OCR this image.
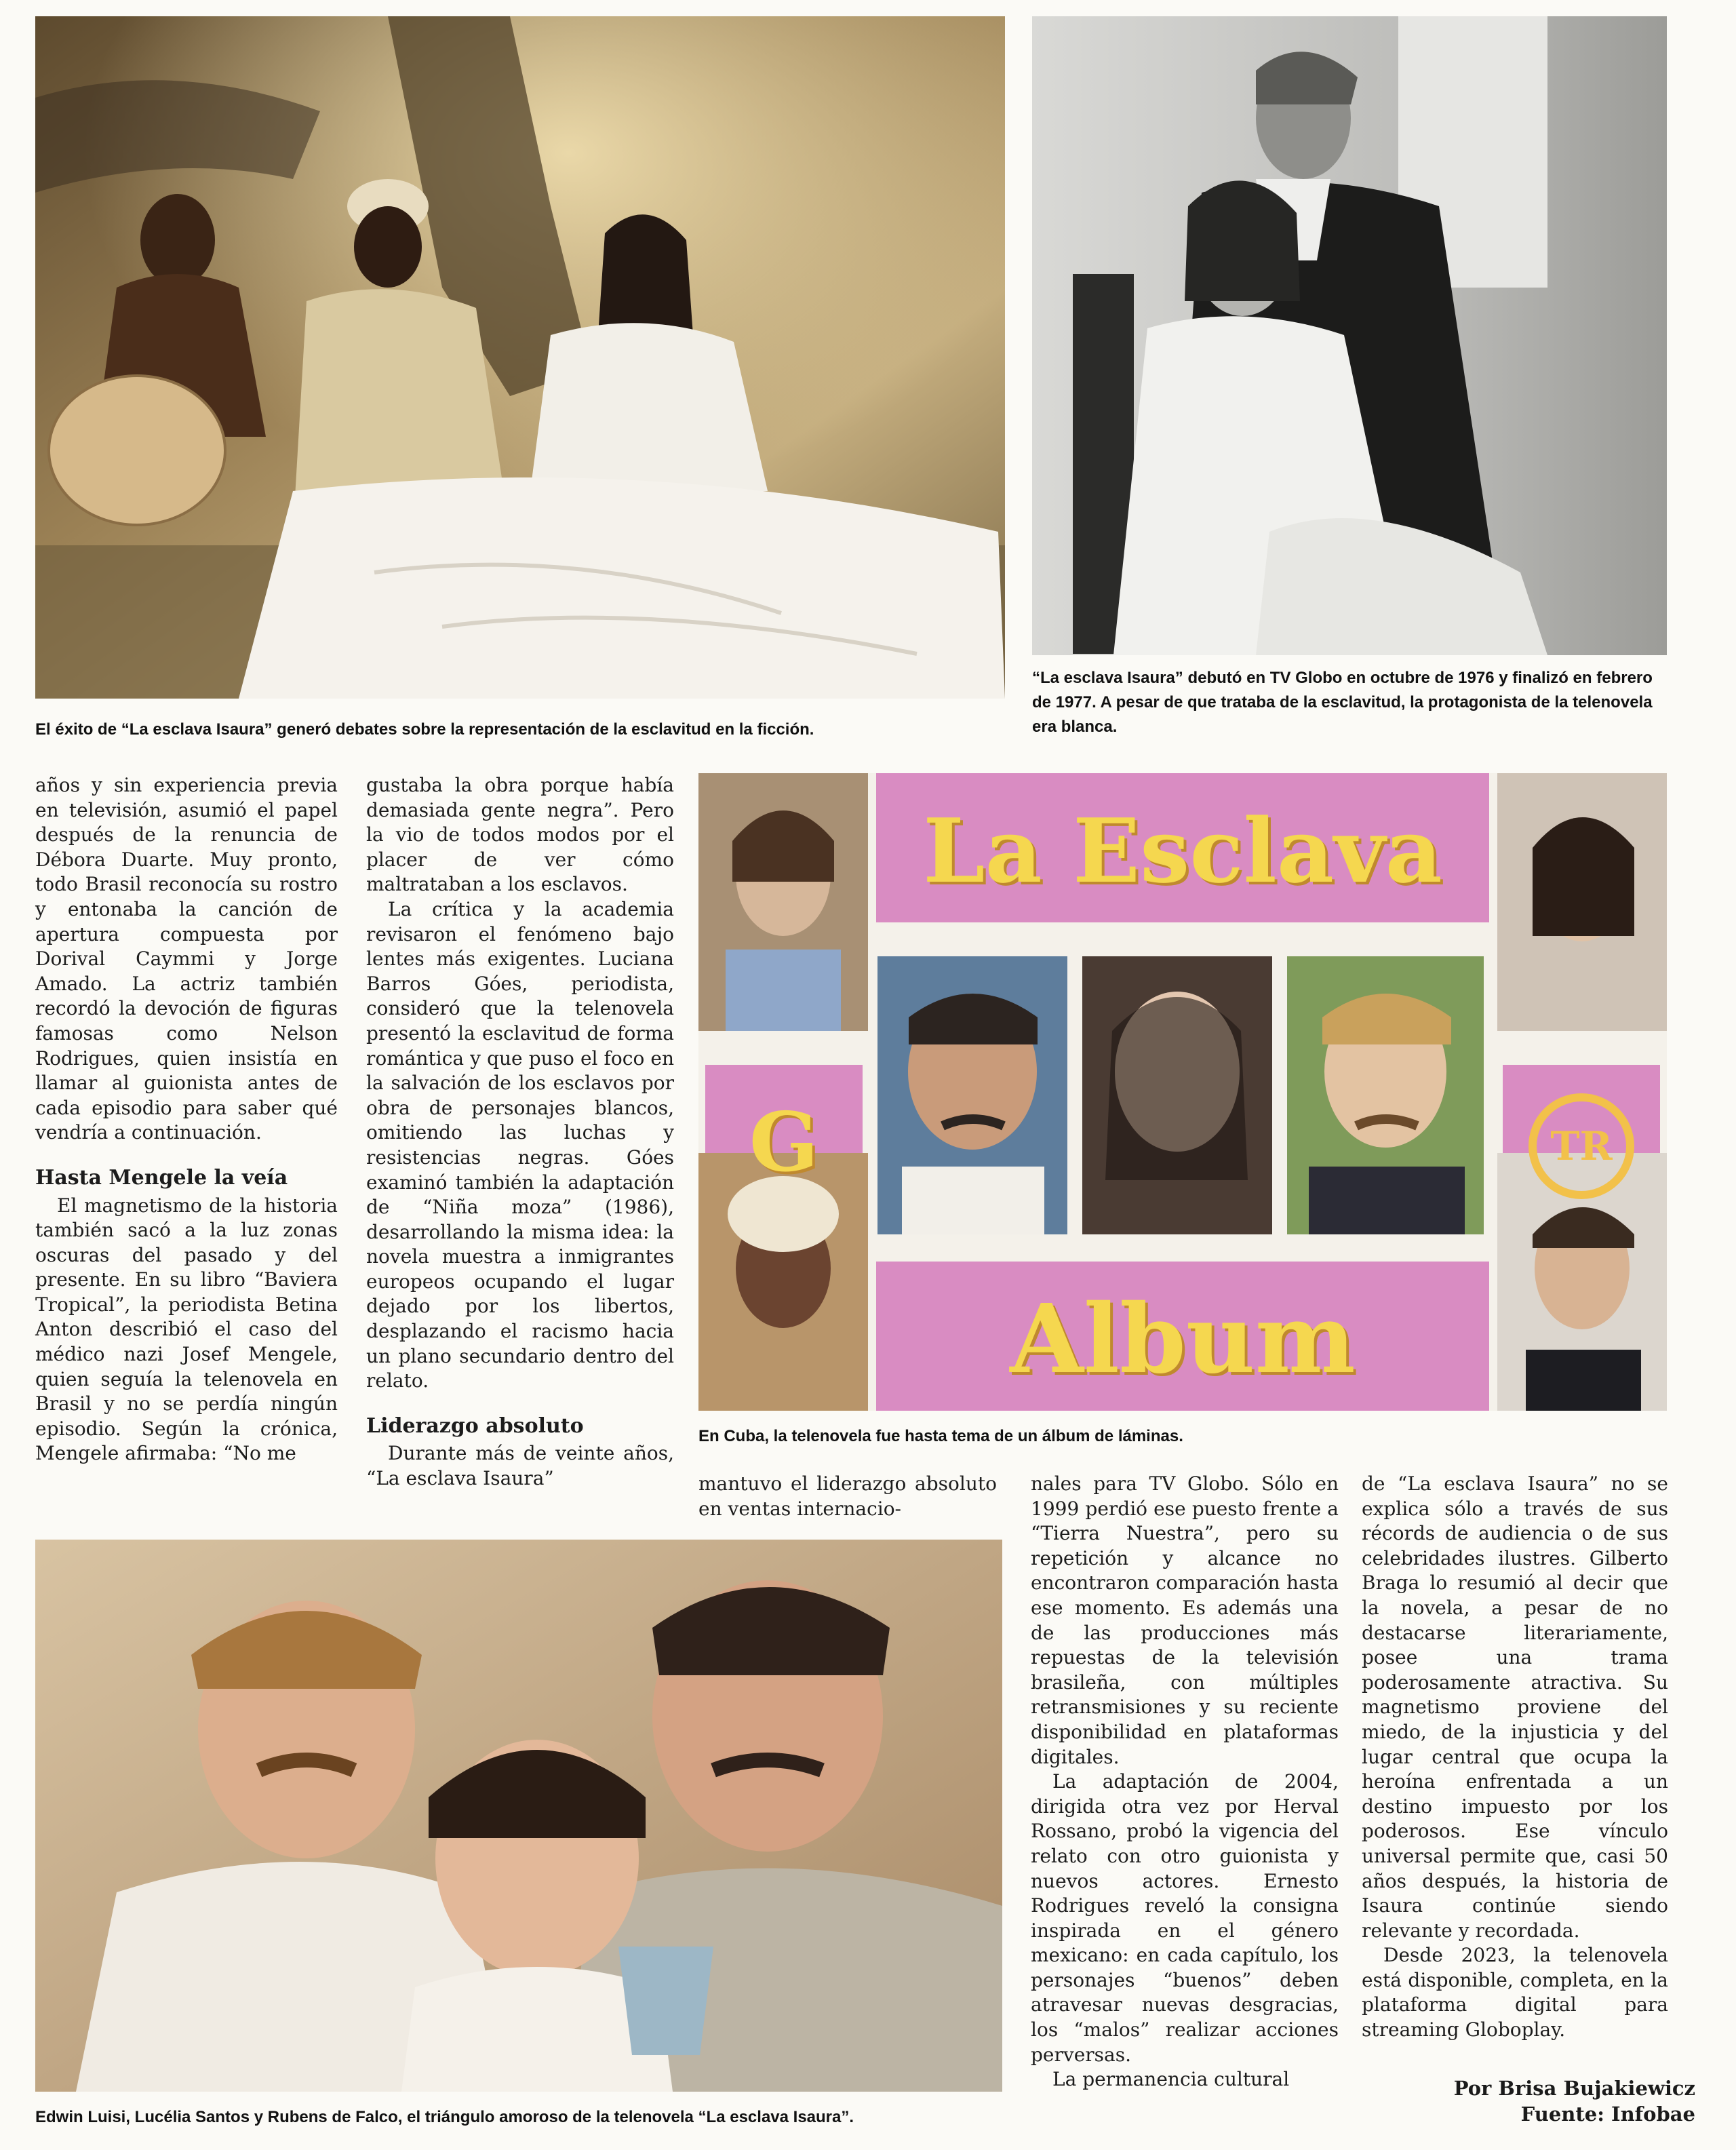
El éxito de “La esclava Isaura” generó debates sobre la representación de la esclavitud en la ficción.
“La esclava Isaura” debutó en TV Globo en octubre de 1976 y finalizó en febrero de 1977. A pesar de que trataba de la esclavitud, la protagonista de la telenovela era blanca.
La Esclava
G	TR
Album
En Cuba, la telenovela fue hasta tema de un álbum de láminas.
Edwin Luisi, Lucélia Santos y Rubens de Falco, el triángulo amoroso de la telenovela “La esclava Isaura”.

años y sin experiencia previa en televisión, asumió el papel después de la renuncia de Débora Duarte. Muy pronto, todo Brasil reconocía su rostro y entonaba la canción de apertura compuesta por Dorival Caymmi y Jorge Amado. La actriz también recordó la devoción de figuras famosas como Nelson Rodrigues, quien insistía en llamar al guionista antes de cada episodio para saber qué vendría a continuación.

Hasta Mengele la veía

El magnetismo de la historia también sacó a la luz zonas oscuras del pasado y del presente. En su libro “Baviera Tropical”, la periodista Betina Anton describió el caso del médico nazi Josef Mengele, quien seguía la telenovela en Brasil y no se perdía ningún episodio. Según la crónica, Mengele afirmaba: “No me

gustaba la obra porque había demasiada gente negra”. Pero la vio de todos modos por el placer de ver cómo maltrataban a los esclavos.

La crítica y la academia revisaron el fenómeno bajo lentes más exigentes. Luciana Barros Góes, periodista, consideró que la telenovela presentó la esclavitud de forma romántica y que puso el foco en la salvación de los esclavos por obra de personajes blancos, omitiendo las luchas y resistencias negras. Góes examinó también la adaptación de “Niña moza” (1986), desarrollando la misma idea: la novela muestra a inmigrantes europeos ocupando el lugar dejado por los libertos, desplazando el racismo hacia un plano secundario dentro del relato.

Liderazgo absoluto

Durante más de veinte años, “La esclava Isaura”	mantuvo el liderazgo absoluto en ventas internacio-

nales para TV Globo. Sólo en 1999 perdió ese puesto frente a “Tierra Nuestra”, pero su repetición y alcance no encontraron comparación hasta ese momento. Es además una de las producciones más repuestas de la televisión brasileña, con múltiples retransmisiones y su reciente disponibilidad en plataformas digitales.

La adaptación de 2004, dirigida otra vez por Herval Rossano, probó la vigencia del relato con otro guionista y nuevos actores. Ernesto Rodrigues reveló la consigna inspirada en el género mexicano: en cada capítulo, los personajes “buenos” deben atravesar nuevas desgracias, los “malos” realizar acciones perversas.

La permanencia cultural

de “La esclava Isaura” no se explica sólo a través de sus récords de audiencia o de sus celebridades ilustres. Gilberto Braga lo resumió al decir que la novela, a pesar de no destacarse literariamente, posee una trama poderosamente atractiva. Su magnetismo proviene del miedo, de la injusticia y del lugar central que ocupa la heroína enfrentada a un destino impuesto por los poderosos. Ese vínculo universal permite que, casi 50 años después, la historia de Isaura continúe siendo relevante y recordada.

Desde 2023, la telenovela está disponible, completa, en la plataforma digital para streaming Globoplay.

Por Brisa Bujakiewicz
Fuente: Infobae
